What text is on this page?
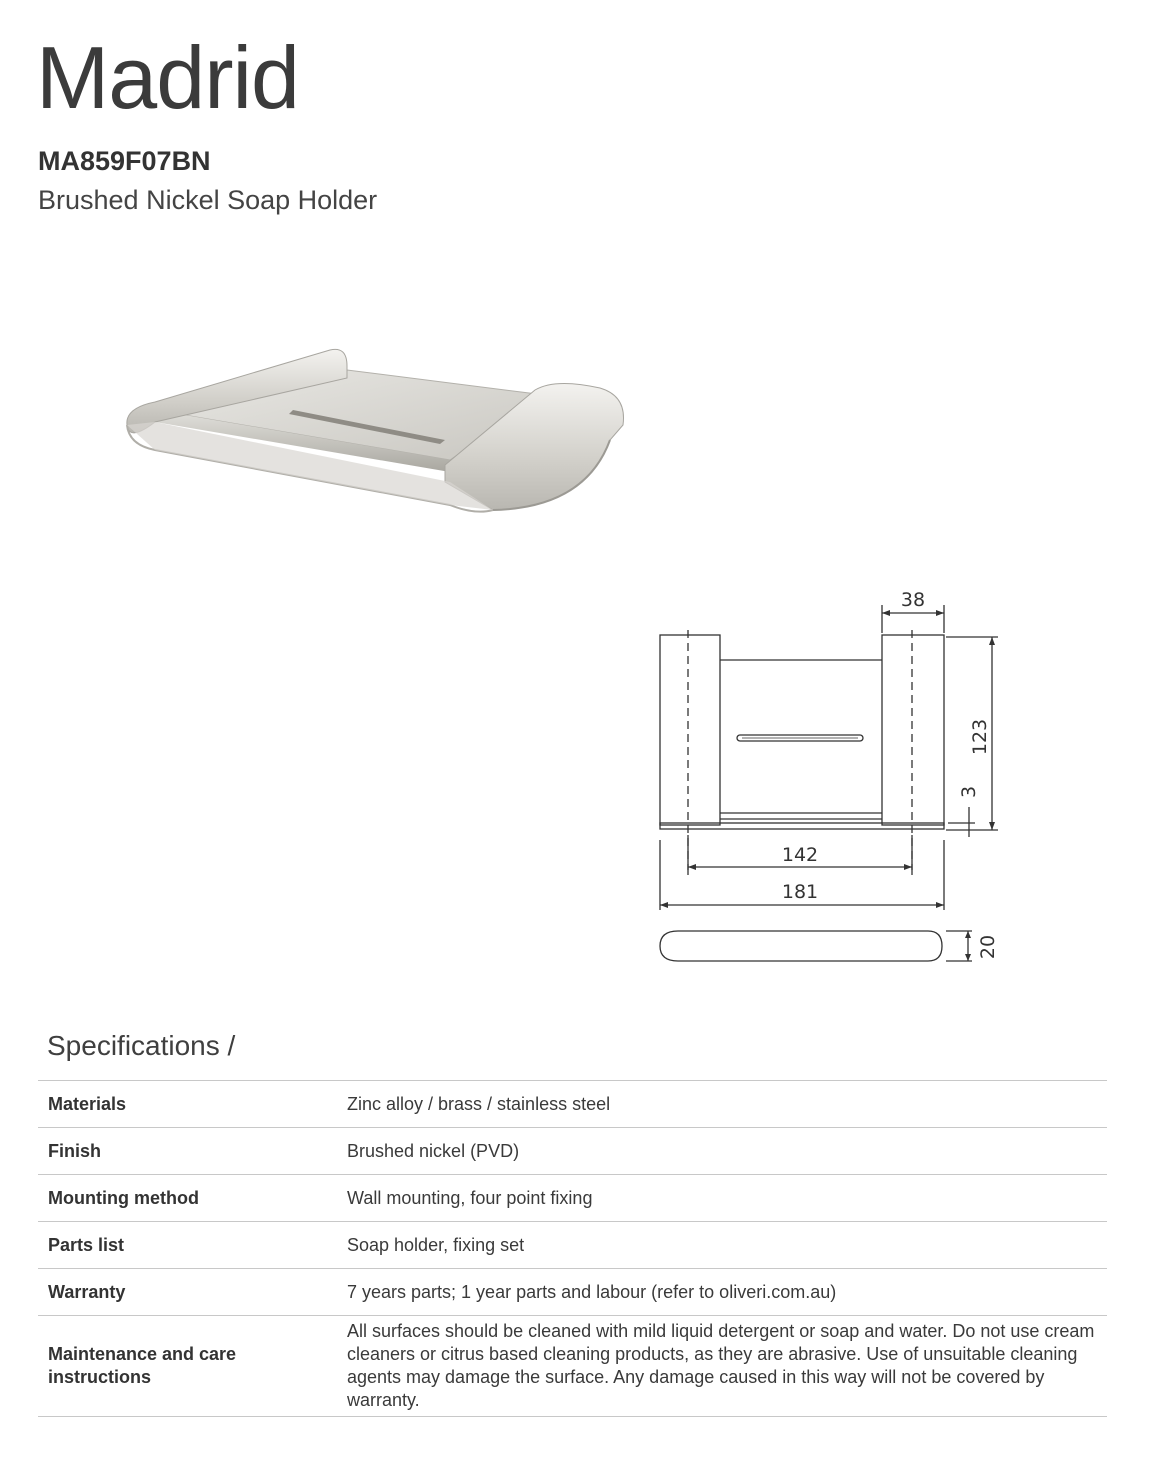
Madrid
MA859F07BN

Brushed Nickel Soap Holder

38
123
3
142
181
20
Specifications /
Materials	Zinc alloy / brass / stainless steel
Finish	Brushed nickel (PVD)
Mounting method	Wall mounting, four point fixing
Parts list	Soap holder, fixing set
Warranty	7 years parts; 1 year parts and labour (refer to oliveri.com.au)
Maintenance and care instructions	All surfaces should be cleaned with mild liquid detergent or soap and water. Do not use cream cleaners or citrus based cleaning products, as they are abrasive. Use of unsuitable cleaning agents may damage the surface. Any damage caused in this way will not be covered by warranty.
